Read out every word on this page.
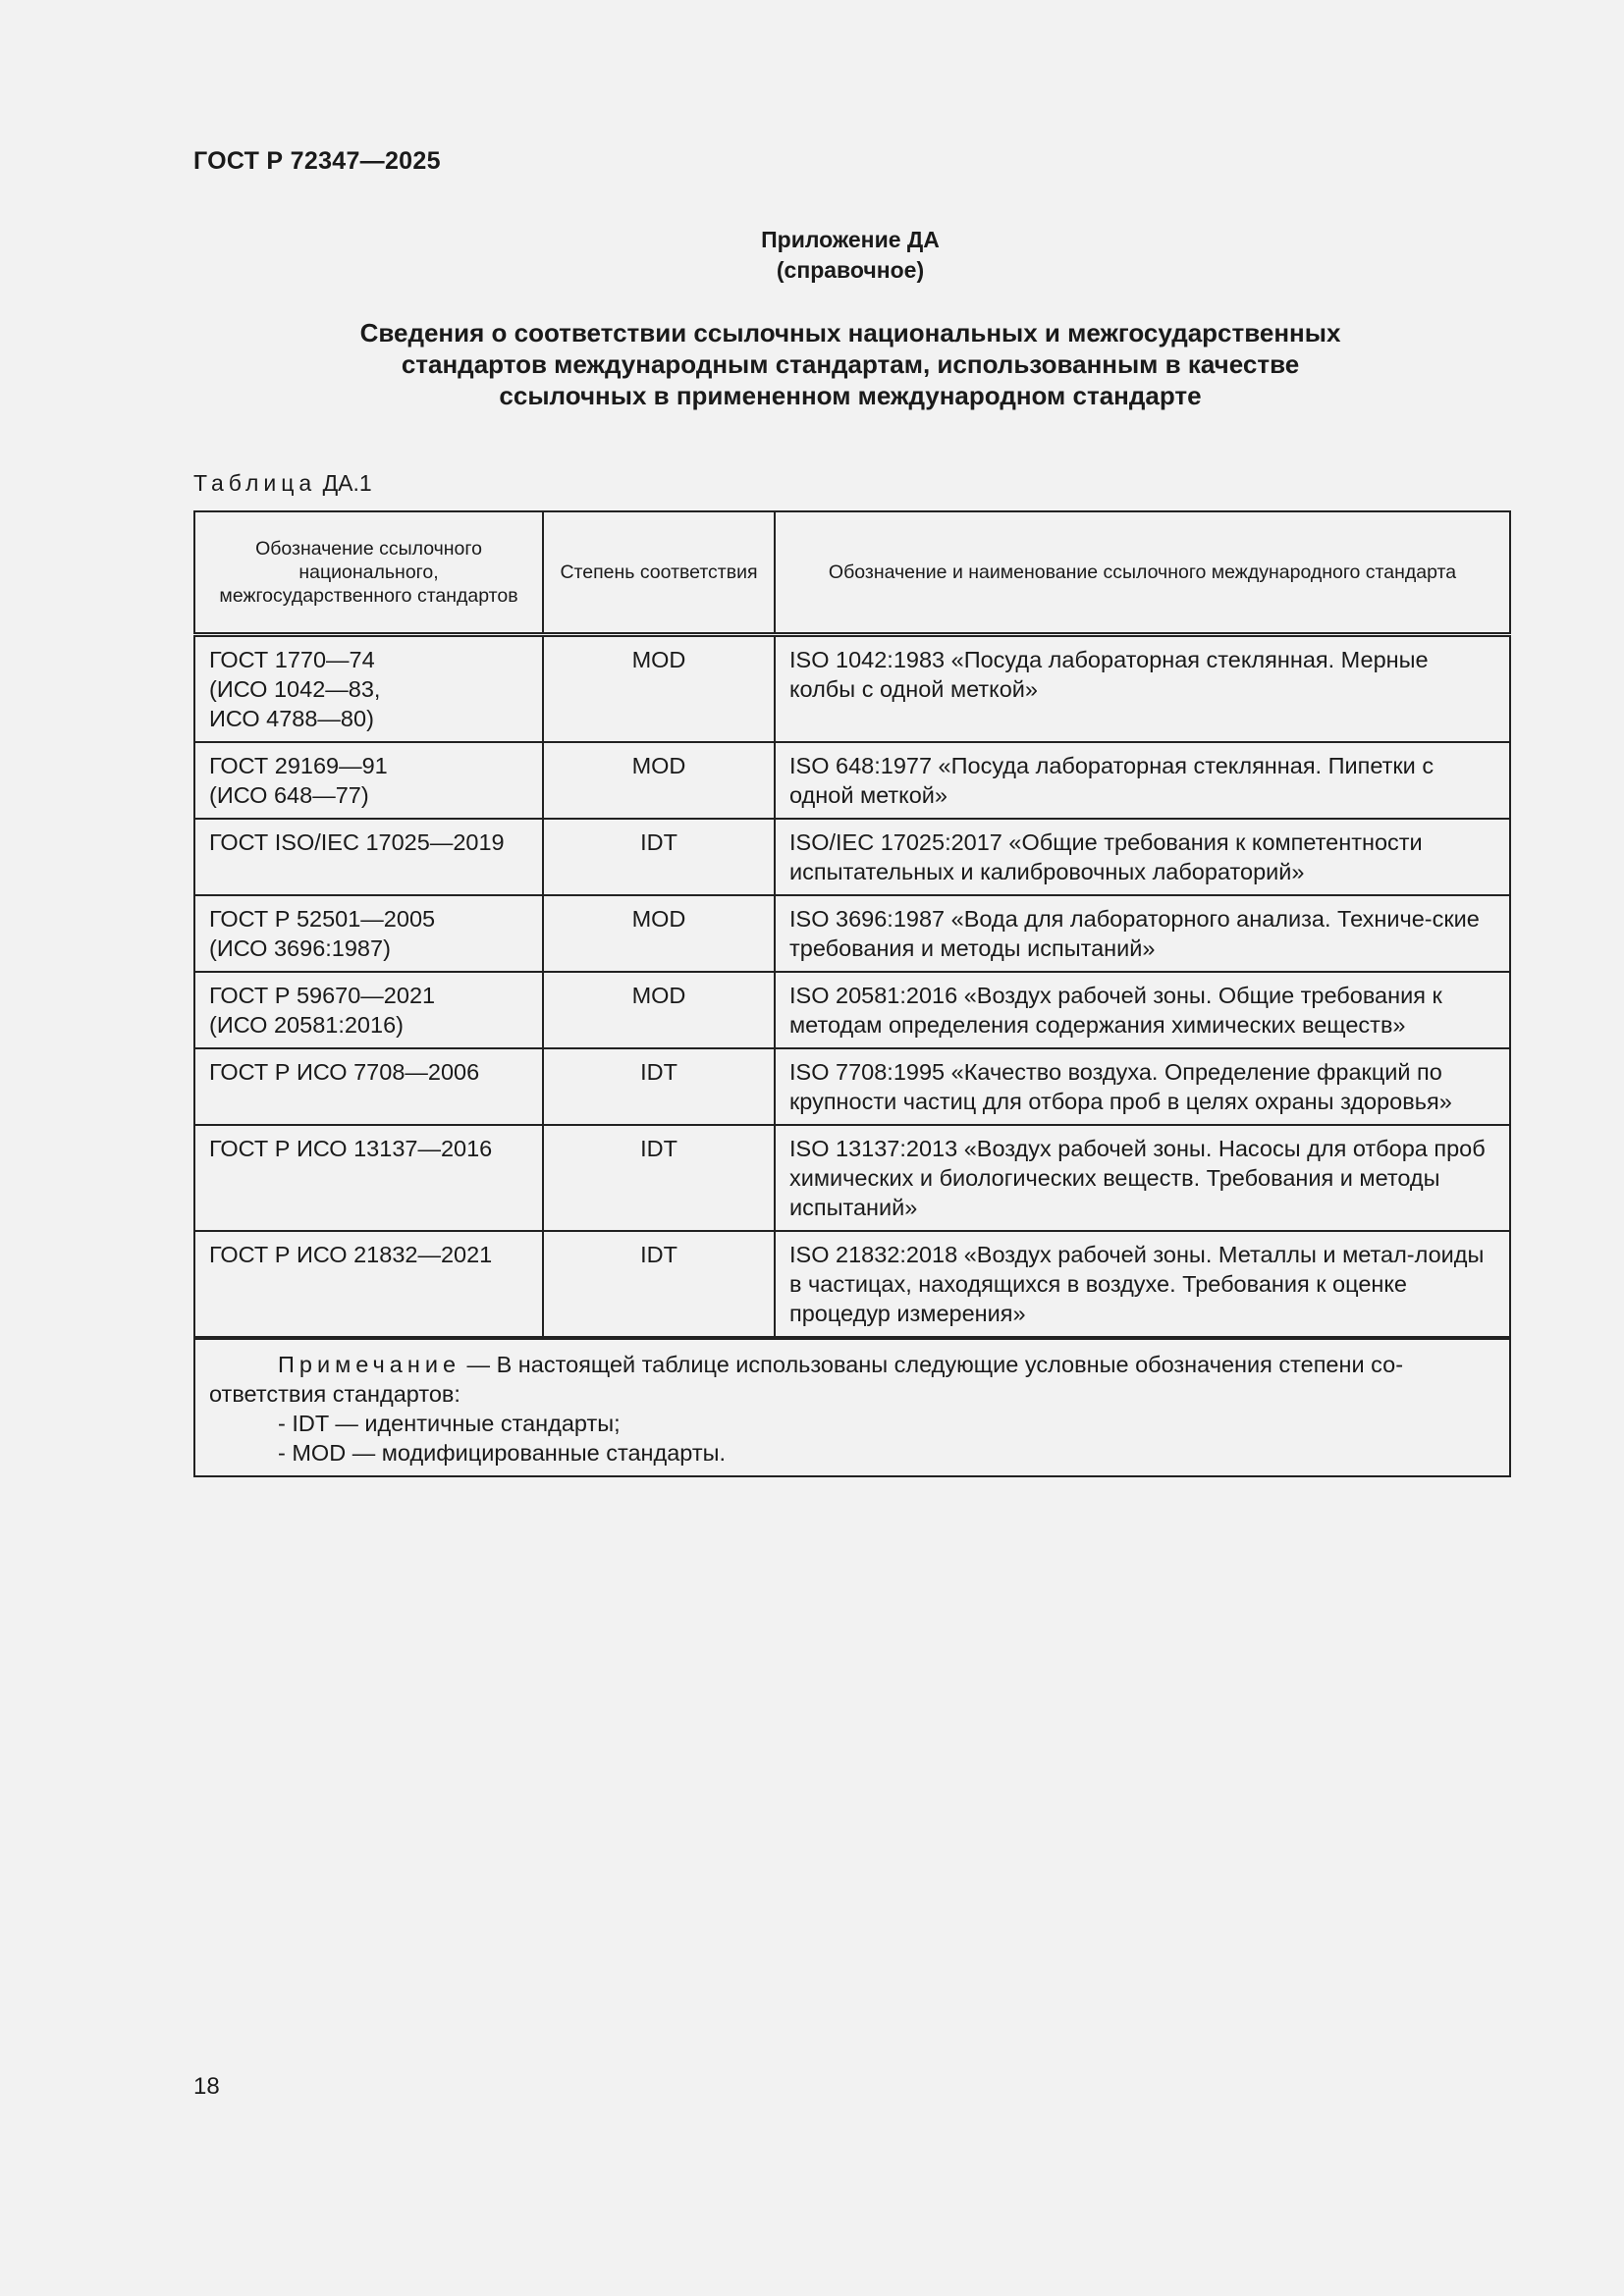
ГОСТ Р 72347—2025
Приложение ДА
(справочное)
Сведения о соответствии ссылочных национальных и межгосударственных
стандартов международным стандартам, использованным в качестве
ссылочных в примененном международном стандарте
Таблица ДА.1
Обозначение ссылочного национального, межгосударственного стандартов	Степень соответствия	Обозначение и наименование ссылочного международного стандарта

ГОСТ 1770—74
(ИСО 1042—83,
ИСО 4788—80)	MOD	ISO 1042:1983 «Посуда лабораторная стеклянная. Мерные колбы с одной меткой»

ГОСТ 29169—91
(ИСО 648—77)	MOD	ISO 648:1977 «Посуда лабораторная стеклянная. Пипетки с одной меткой»

ГОСТ ISO/IEC 17025—2019	IDT	ISO/IEC 17025:2017 «Общие требования к компетентности испытательных и калибровочных лабораторий»

ГОСТ Р 52501—2005
(ИСО 3696:1987)	MOD	ISO 3696:1987 «Вода для лабораторного анализа. Техниче-ские требования и методы испытаний»

ГОСТ Р 59670—2021
(ИСО 20581:2016)	MOD	ISO 20581:2016 «Воздух рабочей зоны. Общие требования к методам определения содержания химических веществ»

ГОСТ Р ИСО 7708—2006	IDT	ISO 7708:1995 «Качество воздуха. Определение фракций по крупности частиц для отбора проб в целях охраны здоровья»

ГОСТ Р ИСО 13137—2016	IDT	ISO 13137:2013 «Воздух рабочей зоны. Насосы для отбора проб химических и биологических веществ. Требования и методы испытаний»

ГОСТ Р ИСО 21832—2021	IDT	ISO 21832:2018 «Воздух рабочей зоны. Металлы и метал-лоиды в частицах, находящихся в воздухе. Требования к оценке процедур измерения»
Примечание — В настоящей таблице использованы следующие условные обозначения степени со-ответствия стандартов:
- IDT — идентичные стандарты;
- MOD — модифицированные стандарты.		
18
